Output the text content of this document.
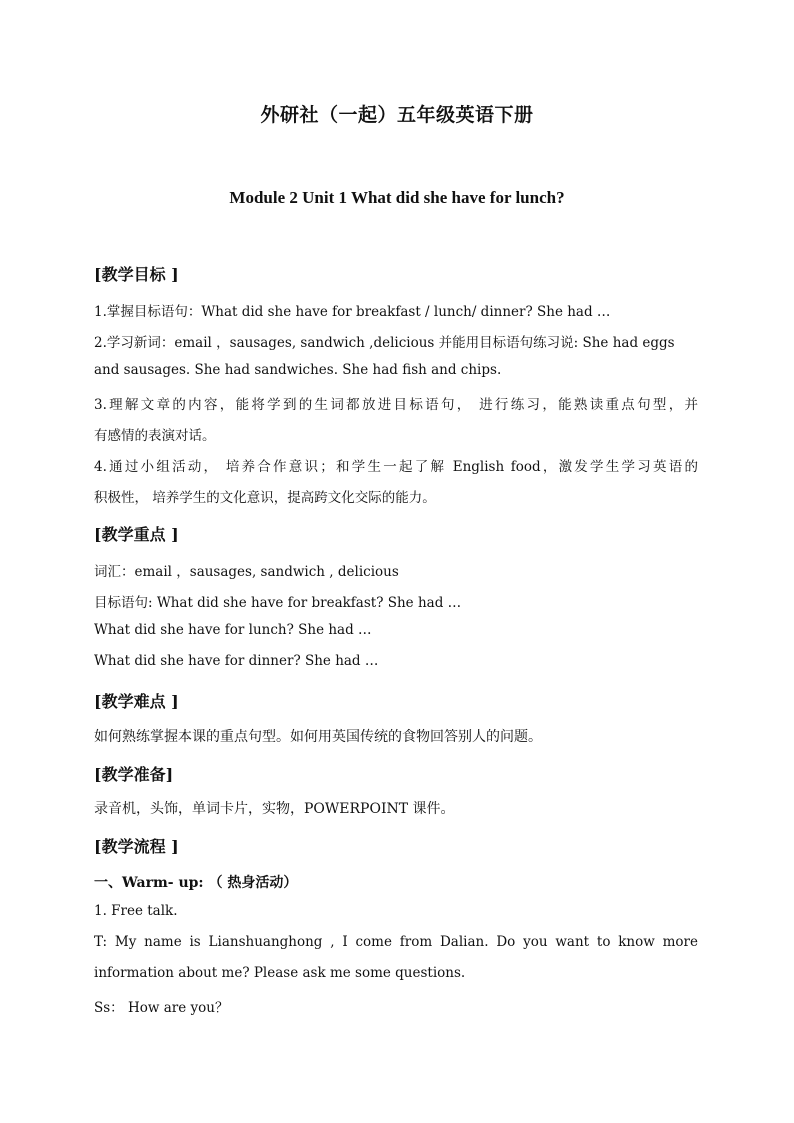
外研社（一起）五年级英语下册
Module 2 Unit 1 What did she have for lunch?
[教学目标 ]
1.掌握目标语句：What did she have for breakfast / lunch/ dinner? She had …
2.学习新词：email ，sausages, sandwich ,delicious 并能用目标语句练习说: She had eggs
and sausages. She had sandwiches. She had fish and chips.
3.理解文章的内容，能将学到的生词都放进目标语句， 进行练习，能熟读重点句型，并
有感情的表演对话。
4.通过小组活动， 培养合作意识；和学生一起了解 English food，激发学生学习英语的
积极性， 培养学生的文化意识，提高跨文化交际的能力。
[教学重点 ]
词汇：email ，sausages, sandwich , delicious
目标语句: What did she have for breakfast? She had …
What did she have for lunch? She had …
What did she have for dinner? She had …
[教学难点 ]
如何熟练掌握本课的重点句型。如何用英国传统的食物回答别人的问题。
[教学准备]
录音机，头饰，单词卡片，实物，POWERPOINT 课件。
[教学流程 ]
一、Warm- up: （ 热身活动）
1. Free talk.
T: My name is Lianshuanghong , I come from Dalian. Do you want to know more
information about me? Please ask me some questions.
Ss： How are you？
